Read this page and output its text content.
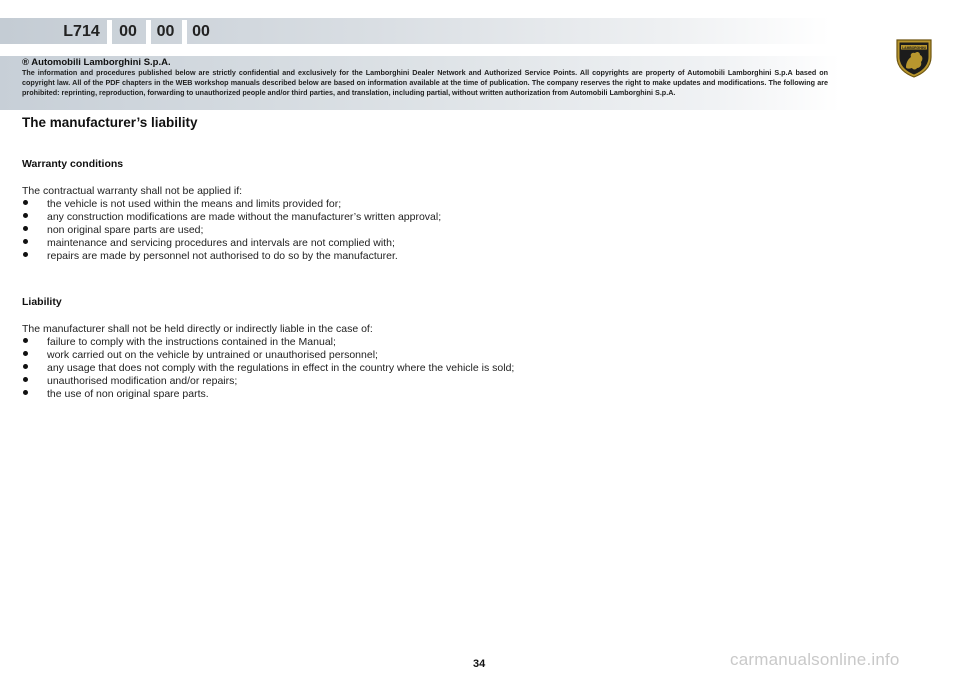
L714	00	00	00
® Automobili Lamborghini S.p.A.
The information and procedures published below are strictly confidential and exclusively for the Lamborghini Dealer Network and Authorized Service Points. All copyrights are property of Automobili Lamborghini S.p.A based on copyright law. All of the PDF chapters in the WEB workshop manuals described below are based on information available at the time of publication. The company reserves the right to make updates and modifications. The following are prohibited: reprinting, reproduction, forwarding to unauthorized people and/or third parties, and translation, including partial, without written authorization from Automobili Lamborghini S.p.A.
LAMBORGHINI
The manufacturer’s liability
Warranty conditions
The contractual warranty shall not be applied if:
the vehicle is not used within the means and limits provided for;
any construction modifications are made without the manufacturer’s written approval;
non original spare parts are used;
maintenance and servicing procedures and intervals are not complied with;
repairs are made by personnel not authorised to do so by the manufacturer.
Liability
The manufacturer shall not be held directly or indirectly liable in the case of:
failure to comply with the instructions contained in the Manual;
work carried out on the vehicle by untrained or unauthorised personnel;
any usage that does not comply with the regulations in effect in the country where the vehicle is sold;
unauthorised modification and/or repairs;
the use of non original spare parts.
34	carmanualsonline.info
